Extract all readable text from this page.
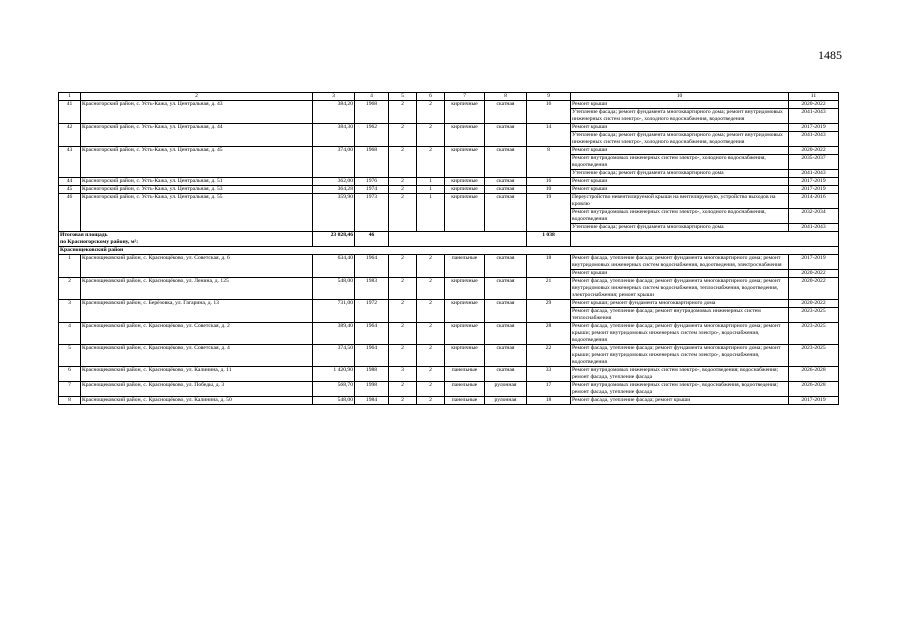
1485
1	2	3	4	5	6	7	8	9	10	11
41	Красногорский район, с. Усть-Кажа, ул. Центральная, д. 43	384,20	1968	2	2	кирпичные	скатная	16	Ремонт крыши	2020-2022
									Утепление фасада; ремонт фундамента многоквартирного дома; ремонт внутридомовых инженерных систем электро-, холодного водоснабжения, водоотведения	2041-2043
42	Красногорский район, с. Усть-Кажа, ул. Центральная, д. 44	384,30	1962	2	2	кирпичные	скатная	14	Ремонт крыши	2017-2019
									Утепление фасада; ремонт фундамента многоквартирного дома; ремонт внутридомовых инженерных систем электро-, холодного водоснабжения, водоотведения	2041-2043
43	Красногорский район, с. Усть-Кажа, ул. Центральная, д. 45	374,00	1968	2	2	кирпичные	скатная	8	Ремонт крыши	2020-2022
									Ремонт внутридомовых инженерных систем электро-, холодного водоснабжения, водоотведения	2035-2037
									Утепление фасада; ремонт фундамента многоквартирного дома	2041-2043
44	Красногорский район, с. Усть-Кажа, ул. Центральная, д. 51	362,00	1976	2	1	кирпичные	скатная	16	Ремонт крыши	2017-2019
45	Красногорский район, с. Усть-Кажа, ул. Центральная, д. 53	364,28	1974	2	1	кирпичные	скатная	10	Ремонт крыши	2017-2019
46	Красногорский район, с. Усть-Кажа, ул. Центральная, д. 55	359,90	1973	2	1	кирпичные	скатная	19	Переустройство невентилируемой крыши на вентилируемую, устройство выходов на кровлю	2014-2016
									Ремонт внутридомовых инженерных систем электро-, холодного водоснабжения, водоотведения	2032-2034
									Утепление фасада; ремонт фундамента многоквартирного дома	2041-2043

Итоговая площадь
по Красногорскому району, м²:		23 028,46	46					1 038		
Краснощековский район										
1	Краснощековский район, с. Краснощёково, ул. Советская, д. 6	634,40	1964	2	2	панельные	скатная	18	Ремонт фасада, утепление фасада; ремонт фундамента многоквартирного дома; ремонт внутридомовых инженерных систем водоснабжения, водоотведения, электроснабжения	2017-2019
									Ремонт крыши	2020-2022
2	Краснощековский район, с. Краснощёково, ул. Ленина, д. 125	548,00	1983	2	2	кирпичные	скатная	21	Ремонт фасада, утепление фасада; ремонт фундамента многоквартирного дома; ремонт внутридомовых инженерных систем водоснабжения, теплоснабжения, водоотведения, электроснабжения; ремонт крыши	2020-2022
3	Краснощековский район, с. Берёзовка, ул. Гагарина, д. 13	731,00	1972	2	2	кирпичные	скатная	29	Ремонт крыши; ремонт фундамента многоквартирного дома	2020-2022
									Ремонт фасада, утепление фасада; ремонт внутридомовых инженерных систем теплоснабжения	2023-2025
4	Краснощековский район, с. Краснощёково, ул. Советская, д. 2	389,40	1964	2	2	кирпичные	скатная	28	Ремонт фасада, утепление фасада; ремонт фундамента многоквартирного дома; ремонт крыши; ремонт внутридомовых инженерных систем электро-, водоснабжения, водоотведения	2023-2025
5	Краснощековский район, с. Краснощёково, ул. Советская, д. 4	374,50	1964	2	2	кирпичные	скатная	22	Ремонт фасада, утепление фасада; ремонт фундамента многоквартирного дома; ремонт крыши; ремонт внутридомовых инженерных систем электро-, водоснабжения, водоотведения	2023-2025
6	Краснощековский район, с. Краснощёково, ул. Калинина, д. 11	1 420,90	1988	3	2	панельные	скатная	33	Ремонт внутридомовых инженерных систем электро-, водоотведения; водоснабжения; ремонт фасада, утепление фасада	2026-2028
7	Краснощековский район, с. Краснощёково, ул. Победы, д. 3	568,70	1998	2	2	панельные	рулонная	17	Ремонт внутридомовых инженерных систем электро-, водоснабжения, водоотведения; ремонт фасада, утепление фасада	2026-2028
8	Краснощековский район, с. Краснощёково, ул. Калинина, д. 50	548,00	1984	2	2	панельные	рулонная	18	Ремонт фасада, утепление фасада; ремонт крыши	2017-2019
